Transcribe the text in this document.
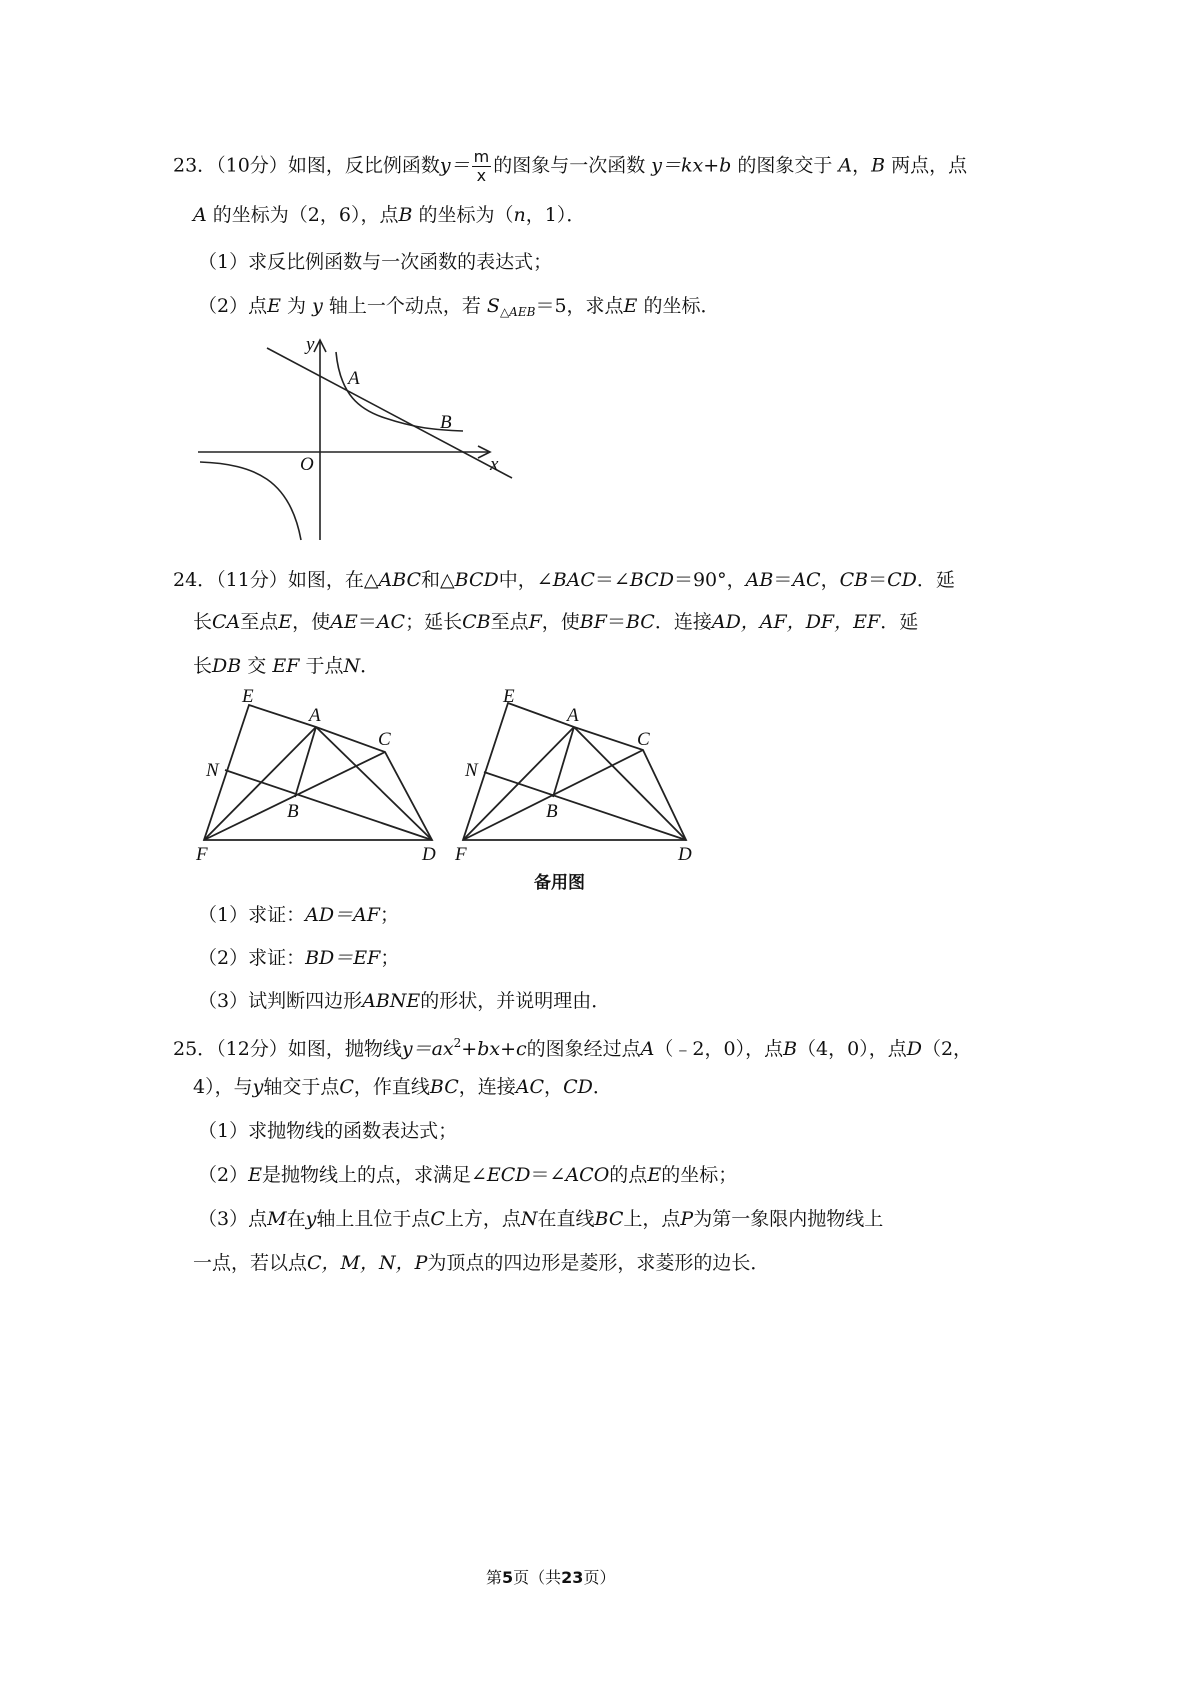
23．（10分）如图，反比例函数$y= \frac{m}{x}$ 的图象与一次函数 y＝kx+b 的图象交于 A，B 两点，点
A 的坐标为（2，6），点B 的坐标为（n，1）．
（1）求反比例函数与一次函数的表达式；
（2）点E 为 y 轴上一个动点，若 $S_{\triangle AEB}=5$，求点E 的坐标．
y
A
B
O	x
24．（11分）如图，在△ABC和△BCD中，∠BAC＝∠BCD＝90°，AB＝AC，CB＝CD．延
长CA至点E，使AE＝AC；延长CB至点F，使BF＝BC．连接AD，AF，DF，EF．延
长DB 交 EF 于点N．
E
A
C
N
B
F	D
E
A
C
N
B
F	D
备用图
（1）求证：AD＝AF；
（2）求证：BD＝EF；
（3）试判断四边形ABNE的形状，并说明理由．
25．（12分）如图，抛物线$y=ax^2+bx+c$的图象经过点A（﹣2，0），点B（4，0），点D（2，
4），与y轴交于点C，作直线BC，连接AC，CD．
（1）求抛物线的函数表达式；
（2）E是抛物线上的点，求满足∠ECD＝∠ACO的点E的坐标；
（3）点M在y轴上且位于点C上方，点N在直线BC上，点P为第一象限内抛物线上
一点，若以点C，M，N，P为顶点的四边形是菱形，求菱形的边长．
第5页（共23页）
